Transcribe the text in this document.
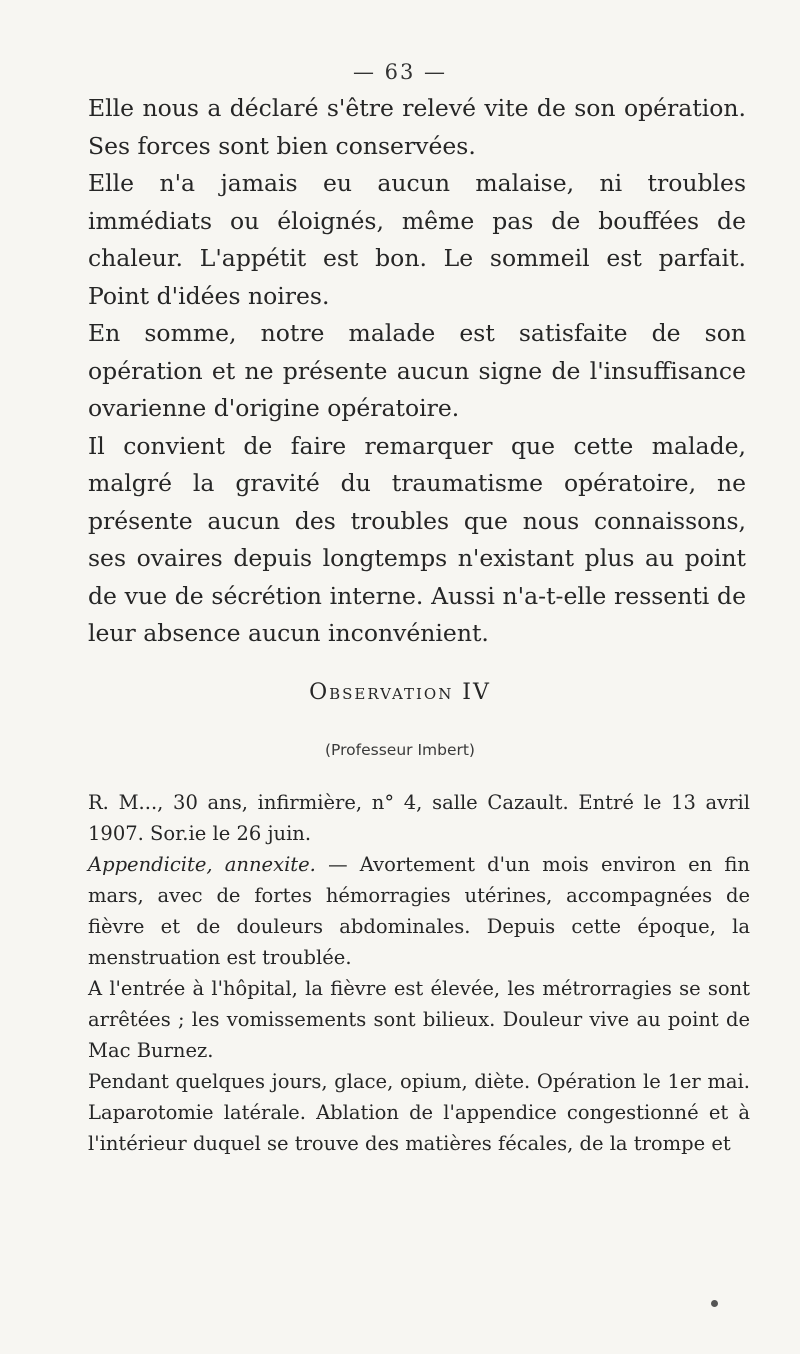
— 63 —

Elle nous a déclaré s'être relevé vite de son opération. Ses forces sont bien conservées.

Elle n'a jamais eu aucun malaise, ni troubles immédiats ou éloignés, même pas de bouffées de chaleur. L'appétit est bon. Le sommeil est parfait. Point d'idées noires.

En somme, notre malade est satisfaite de son opération et ne présente aucun signe de l'insuffisance ovarienne d'origine opératoire.

Il convient de faire remarquer que cette malade, malgré la gravité du traumatisme opératoire, ne présente aucun des troubles que nous connaissons, ses ovaires depuis longtemps n'existant plus au point de vue de sécrétion interne. Aussi n'a-t-elle ressenti de leur absence aucun inconvénient.

Observation IV
(Professeur Imbert)

R. M..., 30 ans, infirmière, n° 4, salle Cazault. Entré le 13 avril 1907. Sor.ie le 26 juin.

Appendicite, annexite. — Avortement d'un mois environ en fin mars, avec de fortes hémorragies utérines, accompagnées de fièvre et de douleurs abdominales. Depuis cette époque, la menstruation est troublée.

A l'entrée à l'hôpital, la fièvre est élevée, les métrorragies se sont arrêtées ; les vomissements sont bilieux. Douleur vive au point de Mac Burnez.

Pendant quelques jours, glace, opium, diète. Opération le 1er mai. Laparotomie latérale. Ablation de l'appendice congestionné et à l'intérieur duquel se trouve des matières fécales, de la trompe et
